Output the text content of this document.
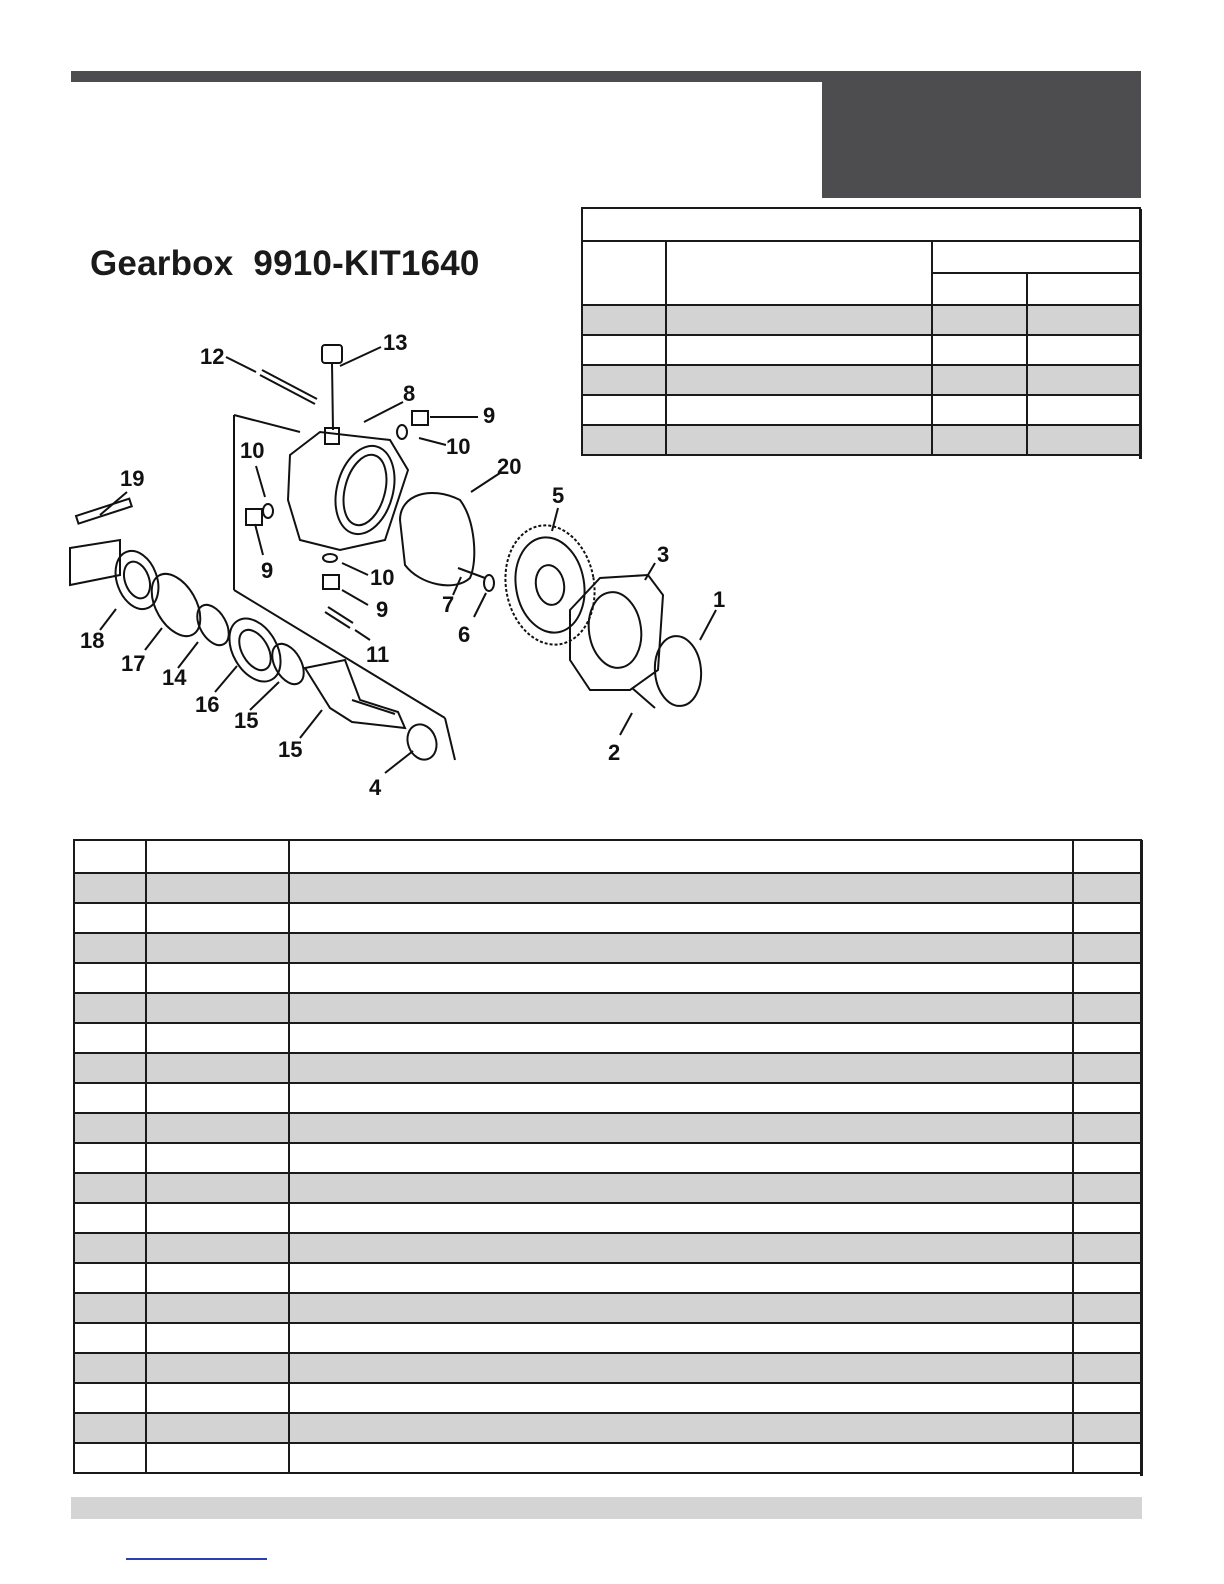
Gearbox 9910-KIT1640

12
13
8
9
10
10
20
19
5
9	10
9 7
6
3
1
11
18
17
14
16
15
15	2
4
